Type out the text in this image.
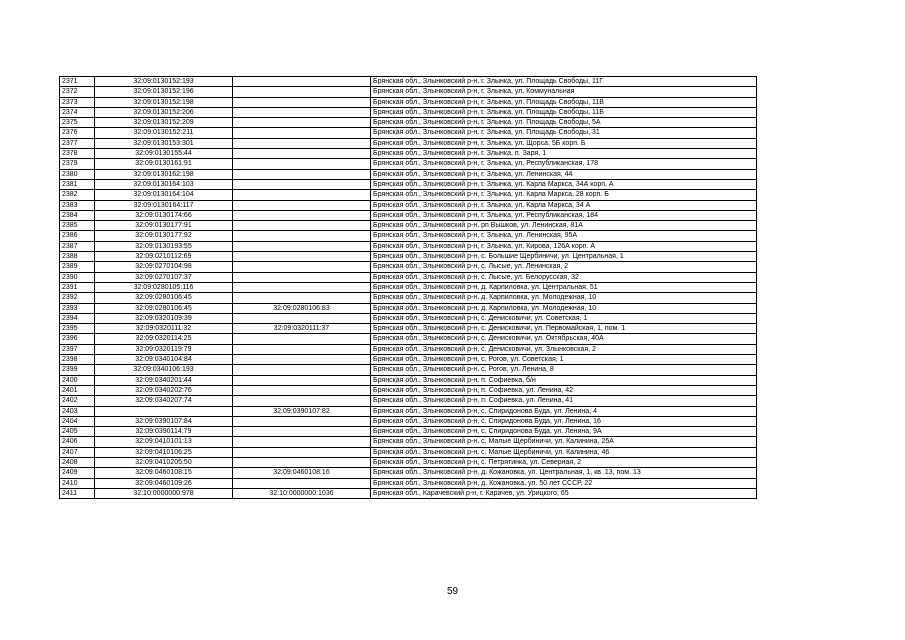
2371	32:09:0130152:193		Брянская обл., Злынковский р-н, г. Злынка, ул. Площадь Свободы, 11Г
2372	32:09:0130152:196		Брянская обл., Злынковский р-н, г. Злынка, ул. Коммунальная
2373	32:09:0130152:198		Брянская обл., Злынковский р-н, г. Злынка, ул. Площадь Свободы, 11В
2374	32:09:0130152:206		Брянская обл., Злынковский р-н, г. Злынка, ул. Площадь Свободы, 11Б
2375	32:09:0130152:209		Брянская обл., Злынковский р-н, г. Злынка, ул. Площадь Свободы, 5А
2376	32:09:0130152:211		Брянская обл., Злынковский р-н, г. Злынка, ул. Площадь Свободы, 31
2377	32:09:0130153:301		Брянская обл., Злынковский р-н, г. Злынка, ул. Щорса, 5Б корп. Б
2378	32:09:0130155:44		Брянская обл., Злынковский р-н, г. Злынка, п. Заря, 1
2379	32:09:0130161:91		Брянская обл., Злынковский р-н, г. Злынка, ул. Республиканская, 178
2380	32:09:0130162:198		Брянская обл., Злынковский р-н, г. Злынка, ул. Ленинская, 44
2381	32:09:0130164:103		Брянская обл., Злынковский р-н, г. Злынка, ул. Карла Маркса, 34А корп. А
2382	32:09:0130164:104		Брянская обл., Злынковский р-н, г. Злынка, ул. Карла Маркса, 28 корп. Б
2383	32:09:0130164:117		Брянская обл., Злынковский р-н, г. Злынка, ул. Карла Маркса, 34 А
2384	32:09:0130174:66		Брянская обл., Злынковский р-н, г. Злынка, ул. Республиканская, 184
2385	32:09:0130177:91		Брянская обл., Злынковский р-н, рп Вышков, ул. Ленинская, 81А
2386	32:09:0130177:92		Брянская обл., Злынковский р-н, г. Злынка, ул. Ленинская, 95А
2387	32:09:0130193:55		Брянская обл., Злынковский р-н, г. Злынка, ул. Кирова, 126А корп. А
2388	32:09:0210112:69		Брянская обл., Злынковский р-н, с. Большие Щербиничи, ул. Центральная, 1
2389	32:09:0270104:98		Брянская обл., Злынковский р-н, с. Лысые, ул. Ленинская, 2
2390	32:09:0270107:37		Брянская обл., Злынковский р-н, с. Лысые, ул. Белорусская, 32
2391	32:09:0280105:116		Брянская обл., Злынковский р-н, д. Карпиловка, ул. Центральная, 51
2392	32:09:0280106:45		Брянская обл., Злынковский р-н, д. Карпиловка, ул. Молодежная, 10
2393	32:09:0280106:45	32:09:0280106:83	Брянская обл., Злынковский р-н, д. Карпиловка, ул. Молодежная, 10
2394	32:09:0320109:39		Брянская обл., Злынковский р-н, с. Денисковичи, ул. Советская, 1
2395	32:09:0320111:32	32:09:0320111:37	Брянская обл., Злынковский р-н, с. Денисковичи, ул. Первомайская, 1, пом. 1
2396	32:09:0320114:25		Брянская обл., Злынковский р-н, с. Денисковичи, ул. Октябрьская, 40А
2397	32:09:0320119:79		Брянская обл., Злынковский р-н, с. Денисковичи, ул. Злынковская, 2
2398	32:09:0340104:84		Брянская обл., Злынковский р-н, с. Рогов, ул. Советская, 1
2399	32:09:0340106:193		Брянская обл., Злынковский р-н, с. Рогов, ул. Ленина, 8
2400	32:09:0340201:44		Брянская обл., Злынковский р-н, п. Софиевка, б/н
2401	32:09:0340202:76		Брянская обл., Злынковский р-н, п. Софиевка, ул. Ленина, 42
2402	32:09:0340207:74		Брянская обл., Злынковский р-н, п. Софиевка, ул. Ленина, 41
2403		32:09:0390107:82	Брянская обл., Злынковский р-н, с. Спиридонова Буда, ул. Ленина, 4
2404	32:09:0390107:84		Брянская обл., Злынковский р-н, с. Спиридонова Буда, ул. Ленина, 16
2405	32:09:0390114:79		Брянская обл., Злынковский р-н, с. Спиридонова Буда, ул. Ленина, 9А
2406	32:09:0410101:13		Брянская обл., Злынковский р-н, с. Малые Щербиничи, ул. Калинина, 25А
2407	32:09:0410106:25		Брянская обл., Злынковский р-н, с. Малые Щербиничи, ул. Калинина, 46
2408	32:09:0410205:50		Брянская обл., Злынковский р-н, с. Петрятинка, ул. Северная, 2
2409	32:09:0460108:15	32:09:0460108:16	Брянская обл., Злынковский р-н, д. Кожановка, ул. Центральная, 1, кв. 13, пом. 13
2410	32:09:0460109:26		Брянская обл., Злынковский р-н, д. Кожановка, ул. 50 лет СССР, 22
2411	32:10:0000000:978	32:10:0000000:1036	Брянская обл., Карачевский р-н, г. Карачев, ул. Урицкого, 65
59
